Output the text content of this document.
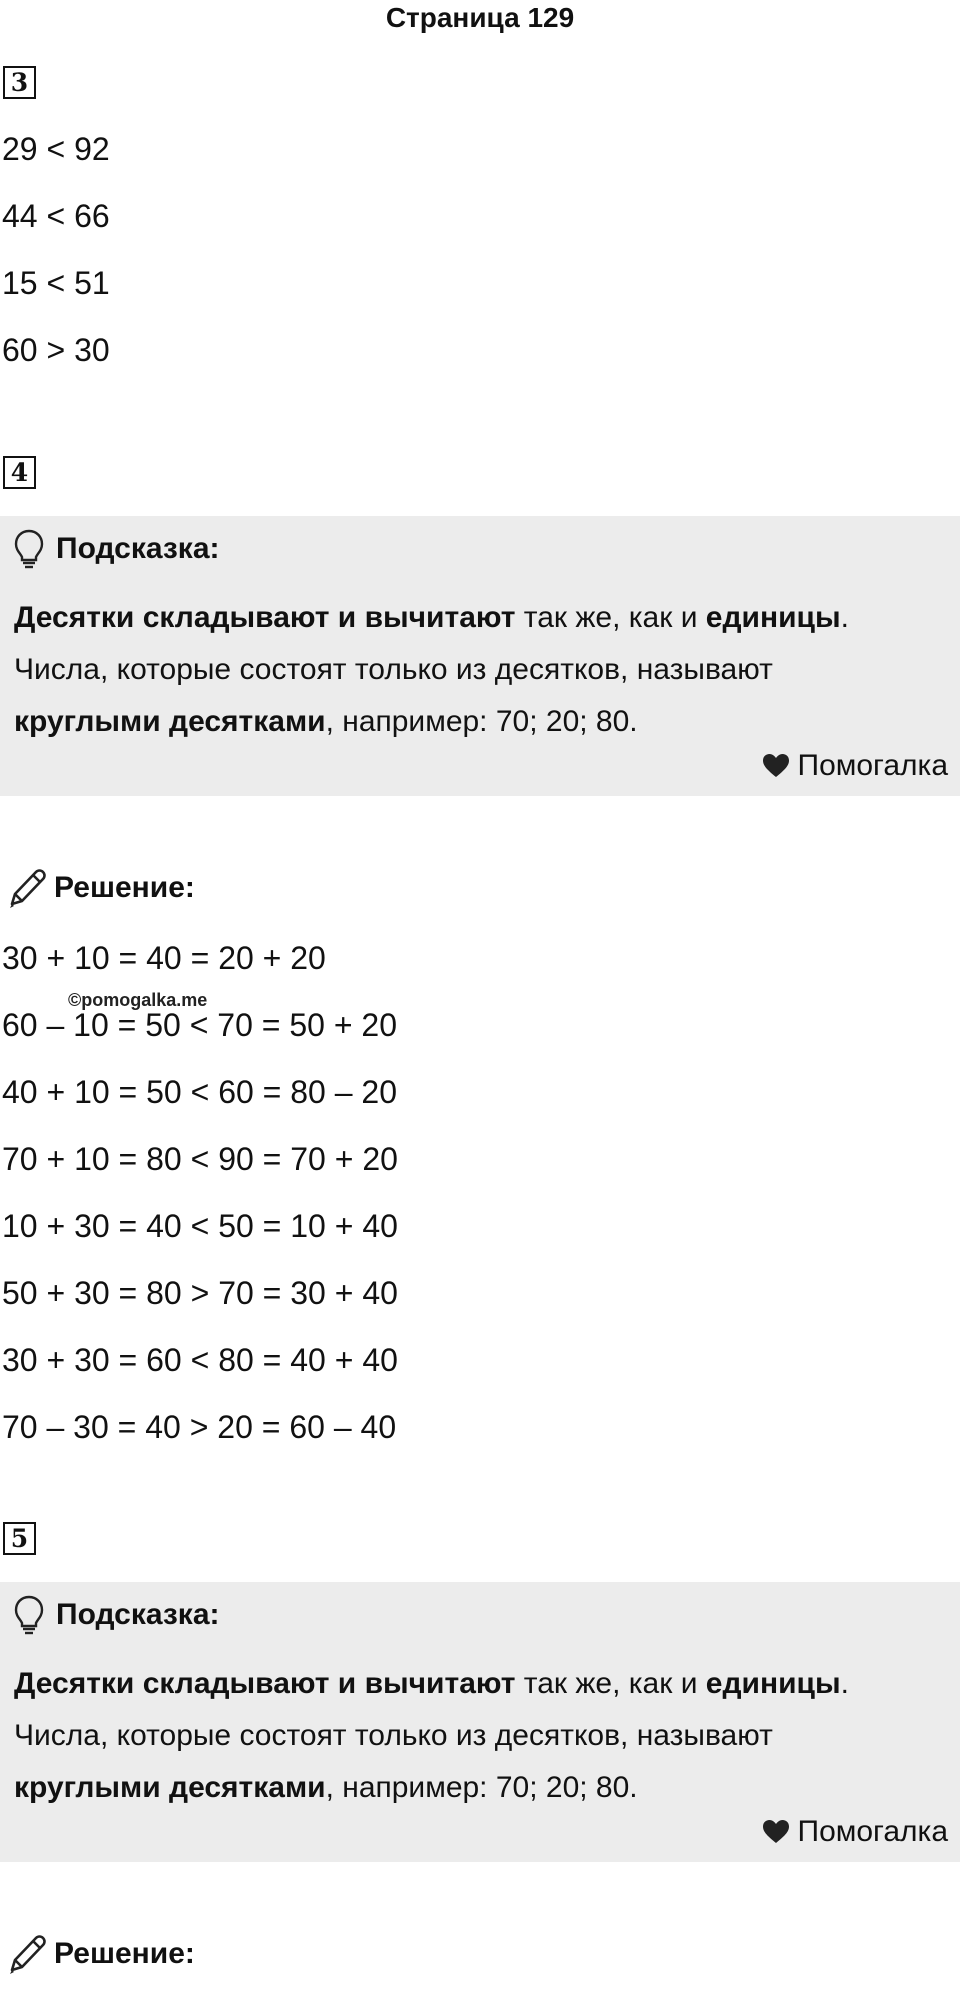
Страница 129
3
29 < 92
44 < 66
15 < 51
60 > 30
4
Подсказка:
Десятки складывают и вычитают так же, как и единицы.
Числа, которые состоят только из десятков, называют
круглыми десятками, например: 70; 20; 80.
Помогалка
Решение:
30 + 10 = 40 = 20 + 20
©pomogalka.me
60 – 10 = 50 < 70 = 50 + 20
40 + 10 = 50 < 60 = 80 – 20
70 + 10 = 80 < 90 = 70 + 20
10 + 30 = 40 < 50 = 10 + 40
50 + 30 = 80 > 70 = 30 + 40
30 + 30 = 60 < 80 = 40 + 40
70 – 30 = 40 > 20 = 60 – 40
5
Подсказка:
Десятки складывают и вычитают так же, как и единицы.
Числа, которые состоят только из десятков, называют
круглыми десятками, например: 70; 20; 80.
Помогалка
Решение:
